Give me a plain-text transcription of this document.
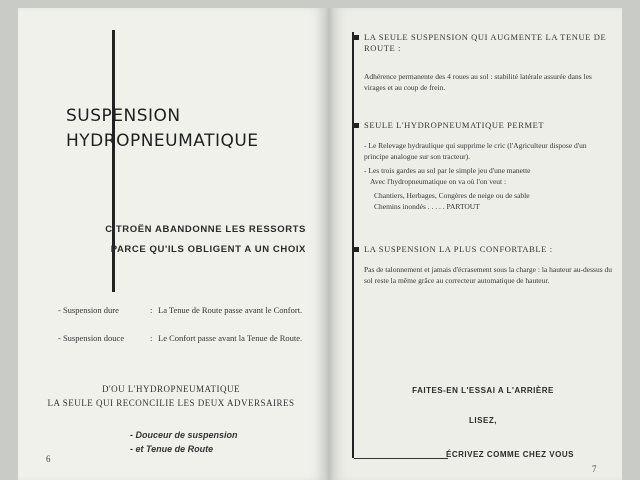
SUSPENSION
HYDROPNEUMATIQUE
CITROËN ABANDONNE LES RESSORTS
PARCE QU'ILS OBLIGENT A UN CHOIX
- Suspension dure	: La Tenue de Route passe avant le Confort.
- Suspension douce	: Le Confort passe avant la Tenue de Route.
D'OU L'HYDROPNEUMATIQUE
LA SEULE QUI RECONCILIE LES DEUX ADVERSAIRES
- Douceur de suspension
- et Tenue de Route
6
LA SEULE SUSPENSION QUI AUGMENTE LA TENUE DE ROUTE :

Adhérence permanente des 4 roues au sol : stabilité latérale assurée dans les virages et au coup de frein.

SEULE L'HYDROPNEUMATIQUE PERMET

- Le Relevage hydraulique qui supprime le cric (l'Agriculteur dispose d'un principe analogue sur son tracteur).

- Les trois gardes au sol par le simple jeu d'une manette

Avec l'hydropneumatique on va où l'on veut :

Chantiers, Herbages, Congères de neige ou de sable

Chemins inondés . . . . . PARTOUT

LA SUSPENSION LA PLUS CONFORTABLE :

Pas de talonnement et jamais d'écrasement sous la charge : la hauteur au-dessus du sol reste la même grâce au correcteur automatique de hauteur.

FAITES-EN L'ESSAI A L'ARRIÈRE
LISEZ,
ÉCRIVEZ COMME CHEZ VOUS
7
